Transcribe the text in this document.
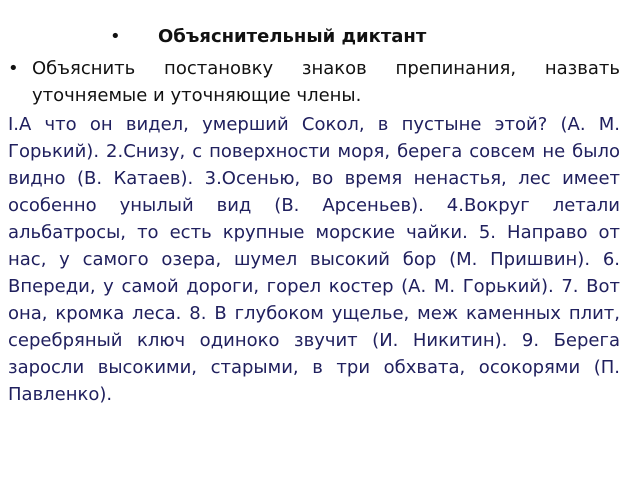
• Объяснительный диктант
• Объяснить постановку знаков препинания, назвать уточняемые и уточняющие члены.

I.А что он видел, умерший Сокол, в пустыне этой? (А. М. Горький). 2.Снизу, с поверхности моря, берега совсем не было видно (В. Катаев). 3.Осенью, во время ненастья, лес имеет особенно унылый вид (В. Арсеньев). 4.Вокруг летали альбатросы, то есть крупные морские чайки. 5. Направо от нас, у самого озера, шумел высокий бор (М. Пришвин). 6. Впереди, у самой дороги, горел костер (А. М. Горький). 7. Вот она, кромка леса. 8. В глубоком ущелье, меж каменных плит, серебряный ключ одиноко звучит (И. Никитин). 9. Берега заросли высокими, старыми, в три обхвата, осокорями (П. Павленко).
